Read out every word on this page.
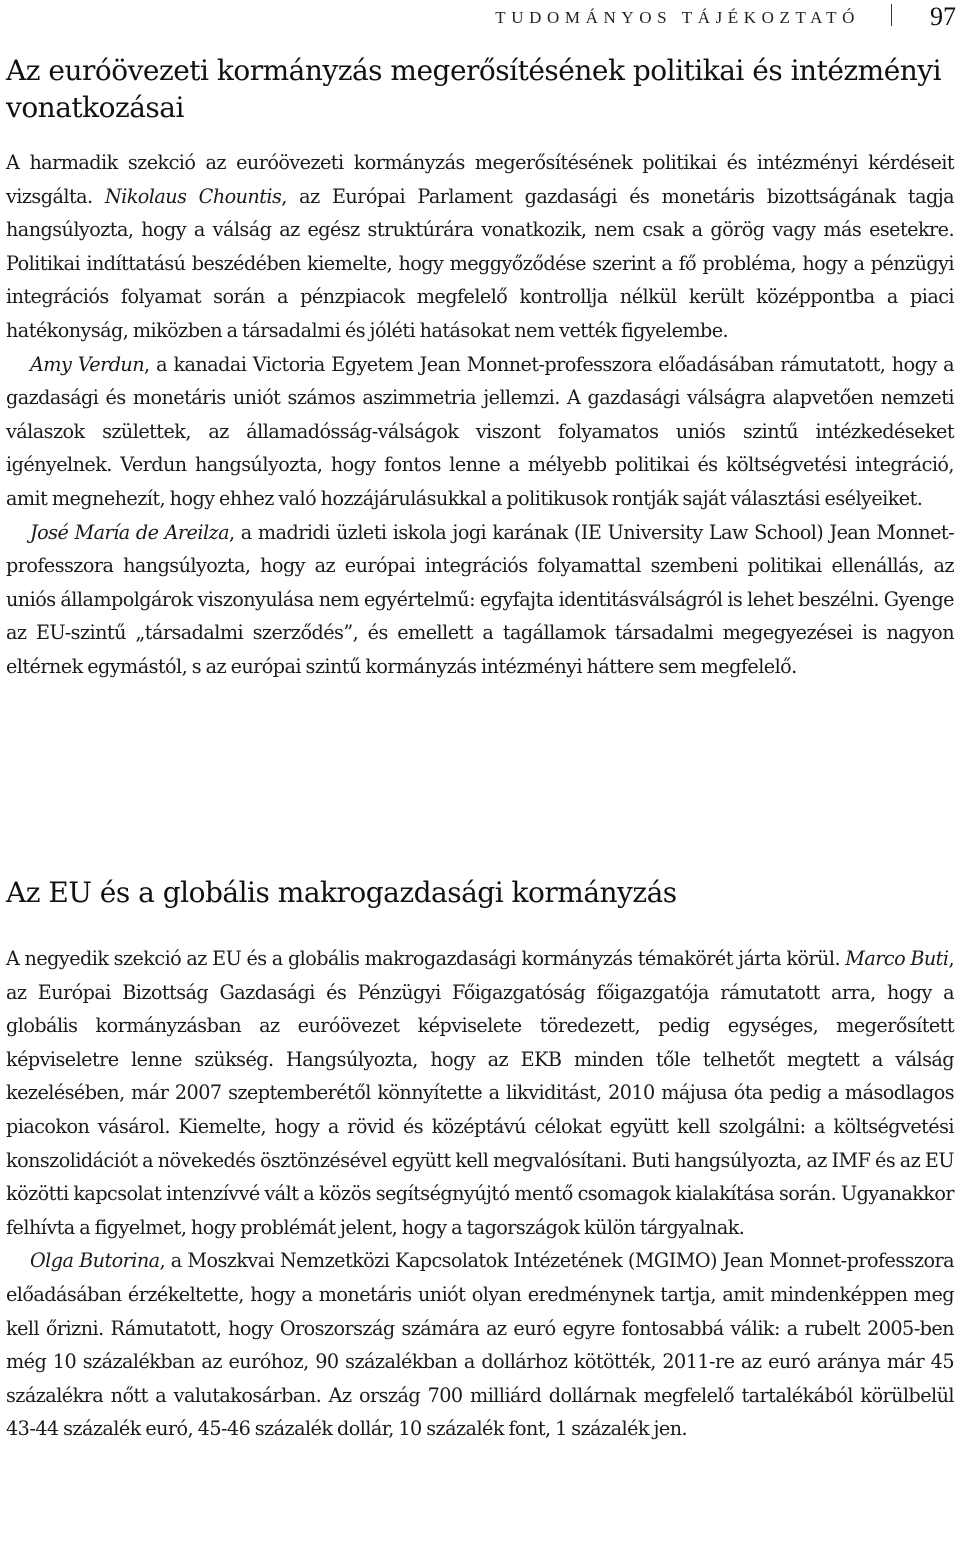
TUDOMÁNYOS TÁJÉKOZTATÓ	97
Az euróövezeti kormányzás megerősítésének politikai és intézményi vonatkozásai

A harmadik szekció az euróövezeti kormányzás megerősítésének politikai és intézményi kérdéseit vizsgálta. Nikolaus Chountis, az Európai Parlament gazdasági és monetáris bizottságának tagja hangsúlyozta, hogy a válság az egész struktúrára vonatkozik, nem csak a görög vagy más esetekre. Politikai indíttatású beszédében kiemelte, hogy meggyőződése szerint a fő probléma, hogy a pénzügyi integrációs folyamat során a pénzpiacok megfelelő kontrollja nélkül került középpontba a piaci hatékonyság, miközben a társadalmi és jóléti hatásokat nem vették figyelembe.

Amy Verdun, a kanadai Victoria Egyetem Jean Monnet-professzora előadásában rámutatott, hogy a gazdasági és monetáris uniót számos aszimmetria jellemzi. A gazdasági válságra alapvetően nemzeti válaszok születtek, az államadósság-válságok viszont folyamatos uniós szintű intézkedéseket igényelnek. Verdun hangsúlyozta, hogy fontos lenne a mélyebb politikai és költségvetési integráció, amit megnehezít, hogy ehhez való hozzájárulásukkal a politikusok rontják saját választási esélyeiket.

José María de Areilza, a madridi üzleti iskola jogi karának (IE University Law School) Jean Monnet-professzora hangsúlyozta, hogy az európai integrációs folyamattal szembeni politikai ellenállás, az uniós állampolgárok viszonyulása nem egyértelmű: egyfajta identitásválságról is lehet beszélni. Gyenge az EU-szintű „társadalmi szerződés”, és emellett a tagállamok társadalmi megegyezései is nagyon eltérnek egymástól, s az európai szintű kormányzás intézményi háttere sem megfelelő.

Az EU és a globális makrogazdasági kormányzás

A negyedik szekció az EU és a globális makrogazdasági kormányzás témakörét járta körül. Marco Buti, az Európai Bizottság Gazdasági és Pénzügyi Főigazgatóság főigazgatója rámutatott arra, hogy a globális kormányzásban az euróövezet képviselete töredezett, pedig egységes, megerősített képviseletre lenne szükség. Hangsúlyozta, hogy az EKB minden tőle telhetőt megtett a válság kezelésében, már 2007 szeptemberétől könnyítette a likviditást, 2010 májusa óta pedig a másodlagos piacokon vásárol. Kiemelte, hogy a rövid és középtávú célokat együtt kell szolgálni: a költségvetési konszolidációt a növekedés ösztönzésével együtt kell megvalósítani. Buti hangsúlyozta, az IMF és az EU közötti kapcsolat intenzívvé vált a közös segítségnyújtó mentő csomagok kialakítása során. Ugyanakkor felhívta a figyelmet, hogy problémát jelent, hogy a tagországok külön tárgyalnak.

Olga Butorina, a Moszkvai Nemzetközi Kapcsolatok Intézetének (MGIMO) Jean Monnet-professzora előadásában érzékeltette, hogy a monetáris uniót olyan eredménynek tartja, amit mindenképpen meg kell őrizni. Rámutatott, hogy Oroszország számára az euró egyre fontosabbá válik: a rubelt 2005-ben még 10 százalékban az euróhoz, 90 százalékban a dollárhoz kötötték, 2011-re az euró aránya már 45 százalékra nőtt a valutakosárban. Az ország 700 milliárd dollárnak megfelelő tartalékából körülbelül 43-44 százalék euró, 45-46 százalék dollár, 10 százalék font, 1 százalék jen.
